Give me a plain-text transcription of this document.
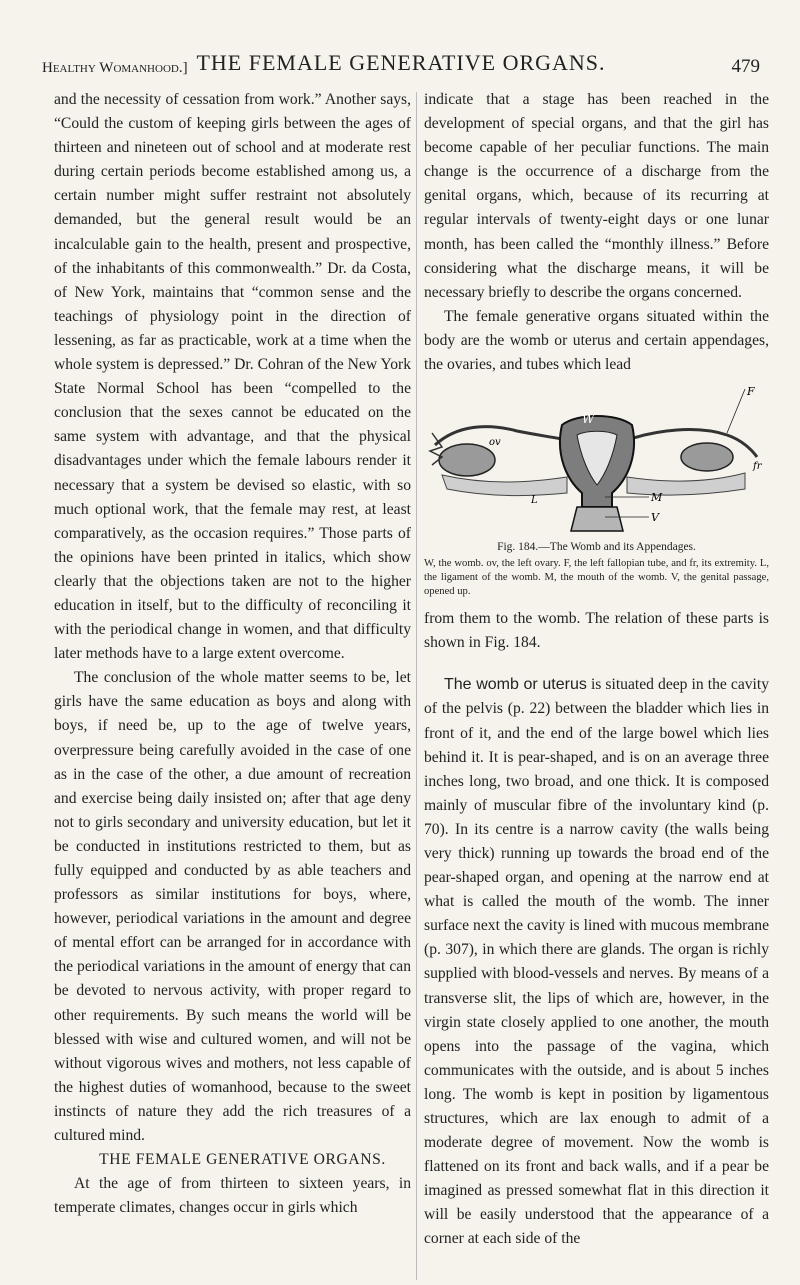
Healthy Womanhood.] THE FEMALE GENERATIVE ORGANS.	479

and the necessity of cessation from work.” Another says, “Could the custom of keeping girls between the ages of thirteen and nineteen out of school and at moderate rest during certain periods become established among us, a certain number might suffer restraint not absolutely demanded, but the general result would be an incalculable gain to the health, present and prospective, of the inhabitants of this commonwealth.” Dr. da Costa, of New York, maintains that “common sense and the teachings of physiology point in the direction of lessening, as far as practicable, work at a time when the whole system is depressed.” Dr. Cohran of the New York State Normal School has been “compelled to the conclusion that the sexes cannot be educated on the same system with advantage, and that the physical disadvantages under which the female labours render it necessary that a system be devised so elastic, with so much optional work, that the female may rest, at least comparatively, as the occasion requires.” Those parts of the opinions have been printed in italics, which show clearly that the objections taken are not to the higher education in itself, but to the difficulty of reconciling it with the periodical change in women, and that difficulty later methods have to a large extent overcome.

The conclusion of the whole matter seems to be, let girls have the same education as boys and along with boys, if need be, up to the age of twelve years, overpressure being carefully avoided in the case of one as in the case of the other, a due amount of recreation and exercise being daily insisted on; after that age deny not to girls secondary and university education, but let it be conducted in institutions restricted to them, but as fully equipped and conducted by as able teachers and professors as similar institutions for boys, where, however, periodical variations in the amount and degree of mental effort can be arranged for in accordance with the periodical variations in the amount of energy that can be devoted to nervous activity, with proper regard to other requirements. By such means the world will be blessed with wise and cultured women, and will not be without vigorous wives and mothers, not less capable of the highest duties of womanhood, because to the sweet instincts of nature they add the rich treasures of a cultured mind.

THE FEMALE GENERATIVE ORGANS.

At the age of from thirteen to sixteen years, in temperate climates, changes occur in girls which

indicate that a stage has been reached in the development of special organs, and that the girl has become capable of her peculiar functions. The main change is the occurrence of a discharge from the genital organs, which, because of its recurring at regular intervals of twenty-eight days or one lunar month, has been called the “monthly illness.” Before considering what the discharge means, it will be necessary briefly to describe the organs concerned.

The female generative organs situated within the body are the womb or uterus and certain appendages, the ovaries, and tubes which lead

F
W
ov
fr
L	M
V
Fig. 184.—The Womb and its Appendages.
W, the womb. ov, the left ovary. F, the left fallopian tube, and fr, its extremity. L, the ligament of the womb. M, the mouth of the womb. V, the genital passage, opened up.

from them to the womb. The relation of these parts is shown in Fig. 184.

The womb or uterus is situated deep in the cavity of the pelvis (p. 22) between the bladder which lies in front of it, and the end of the large bowel which lies behind it. It is pear-shaped, and is on an average three inches long, two broad, and one thick. It is composed mainly of muscular fibre of the involuntary kind (p. 70). In its centre is a narrow cavity (the walls being very thick) running up towards the broad end of the pear-shaped organ, and opening at the narrow end at what is called the mouth of the womb. The inner surface next the cavity is lined with mucous membrane (p. 307), in which there are glands. The organ is richly supplied with blood-vessels and nerves. By means of a transverse slit, the lips of which are, however, in the virgin state closely applied to one another, the mouth opens into the passage of the vagina, which communicates with the outside, and is about 5 inches long. The womb is kept in position by ligamentous structures, which are lax enough to admit of a moderate degree of movement. Now the womb is flattened on its front and back walls, and if a pear be imagined as pressed somewhat flat in this direction it will be easily understood that the appearance of a corner at each side of the
